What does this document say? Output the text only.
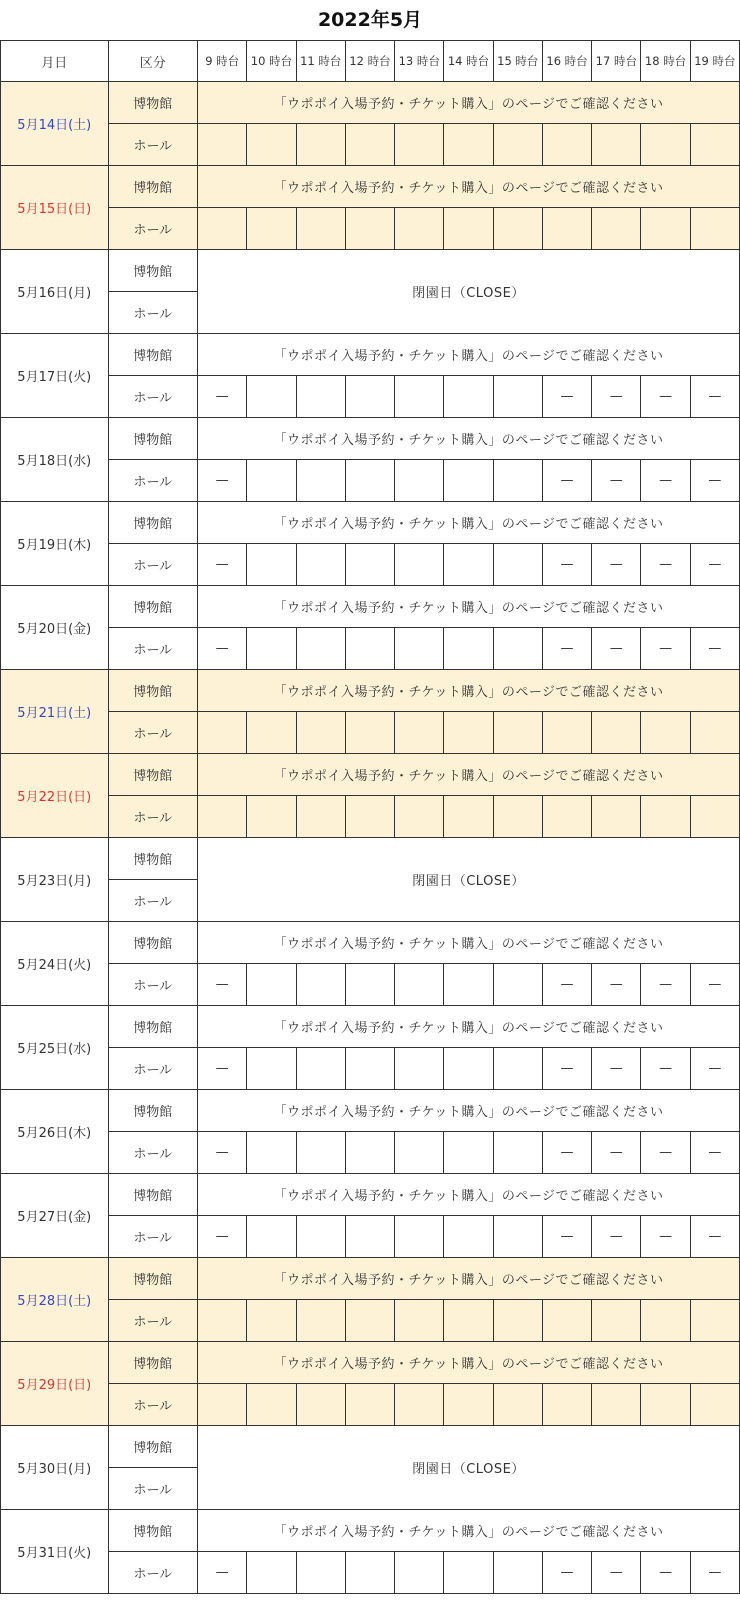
2022年5月
月日	区分	9 時台	10 時台	11 時台	12 時台	13 時台	14 時台	15 時台	16 時台	17 時台	18 時台	19 時台
5月14日(土)	博物館	「ウポポイ入場予約・チケット購入」のページでご確認ください										
	ホール											
5月15日(日)	博物館	「ウポポイ入場予約・チケット購入」のページでご確認ください										
	ホール											
5月16日(月)	博物館	閉園日（CLOSE）										
	ホール											
5月17日(火)	博物館	「ウポポイ入場予約・チケット購入」のページでご確認ください										
	ホール	—							—	—	—	—
5月18日(水)	博物館	「ウポポイ入場予約・チケット購入」のページでご確認ください										
	ホール	—							—	—	—	—
5月19日(木)	博物館	「ウポポイ入場予約・チケット購入」のページでご確認ください										
	ホール	—							—	—	—	—
5月20日(金)	博物館	「ウポポイ入場予約・チケット購入」のページでご確認ください										
	ホール	—							—	—	—	—
5月21日(土)	博物館	「ウポポイ入場予約・チケット購入」のページでご確認ください										
	ホール											
5月22日(日)	博物館	「ウポポイ入場予約・チケット購入」のページでご確認ください										
	ホール											
5月23日(月)	博物館	閉園日（CLOSE）										
	ホール											
5月24日(火)	博物館	「ウポポイ入場予約・チケット購入」のページでご確認ください										
	ホール	—							—	—	—	—
5月25日(水)	博物館	「ウポポイ入場予約・チケット購入」のページでご確認ください										
	ホール	—							—	—	—	—
5月26日(木)	博物館	「ウポポイ入場予約・チケット購入」のページでご確認ください										
	ホール	—							—	—	—	—
5月27日(金)	博物館	「ウポポイ入場予約・チケット購入」のページでご確認ください										
	ホール	—							—	—	—	—
5月28日(土)	博物館	「ウポポイ入場予約・チケット購入」のページでご確認ください										
	ホール											
5月29日(日)	博物館	「ウポポイ入場予約・チケット購入」のページでご確認ください										
	ホール											
5月30日(月)	博物館	閉園日（CLOSE）										
	ホール											
5月31日(火)	博物館	「ウポポイ入場予約・チケット購入」のページでご確認ください										
	ホール	—							—	—	—	—
